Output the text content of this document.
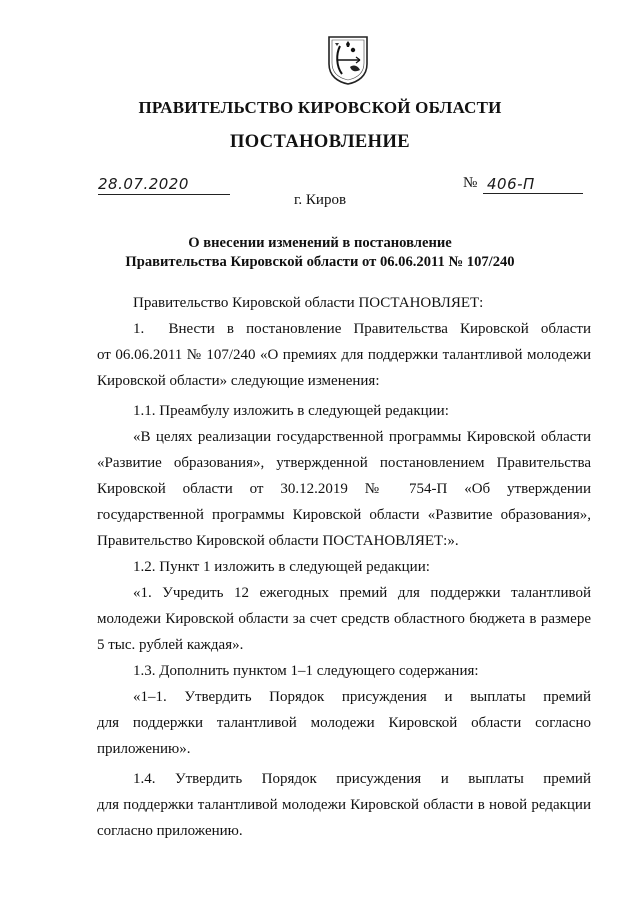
ПРАВИТЕЛЬСТВО КИРОВСКОЙ ОБЛАСТИ
ПОСТАНОВЛЕНИЕ
28.07.2020	№ 406-П
г. Киров
О внесении изменений в постановление
Правительства Кировской области от 06.06.2011 № 107/240
Правительство Кировской области ПОСТАНОВЛЯЕТ:
1.  Внести в постановление Правительства Кировской области
от 06.06.2011 № 107/240 «О премиях для поддержки талантливой молодежи
Кировской области» следующие изменения:
1.1. Преамбулу изложить в следующей редакции:
«В целях реализации государственной программы Кировской области
«Развитие образования», утвержденной постановлением Правительства
Кировской области от 30.12.2019 № 754-П «Об утверждении
государственной программы Кировской области «Развитие образования»,
Правительство Кировской области ПОСТАНОВЛЯЕТ:».
1.2. Пункт 1 изложить в следующей редакции:
«1. Учредить 12 ежегодных премий для поддержки талантливой
молодежи Кировской области за счет средств областного бюджета в размере
5 тыс. рублей каждая».
1.3. Дополнить пунктом 1–1 следующего содержания:
«1–1. Утвердить Порядок присуждения и выплаты премий
для поддержки талантливой молодежи Кировской области согласно
приложению».
1.4. Утвердить Порядок присуждения и выплаты премий
для поддержки талантливой молодежи Кировской области в новой редакции
согласно приложению.
